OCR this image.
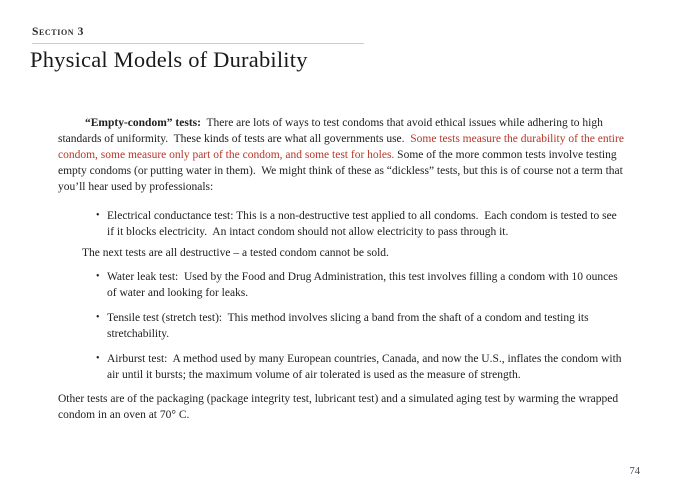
Section 3
Physical Models of Durability

“Empty-condom” tests:  There are lots of ways to test condoms that avoid ethical issues while adhering to high standards of uniformity.  These kinds of tests are what all governments use.  Some tests measure the durability of the entire condom, some measure only part of the condom, and some test for holes. Some of the more common tests involve testing empty condoms (or putting water in them).  We might think of these as “dickless” tests, but this is of course not a term that you’ll hear used by professionals:

• Electrical conductance test: This is a non-destructive test applied to all condoms.  Each condom is tested to see if it blocks electricity.  An intact condom should not allow electricity to pass through it.

The next tests are all destructive – a tested condom cannot be sold.

• Water leak test:  Used by the Food and Drug Administration, this test involves filling a condom with 10 ounces of water and looking for leaks.
• Tensile test (stretch test):  This method involves slicing a band from the shaft of a condom and testing its stretchability.
• Airburst test:  A method used by many European countries, Canada, and now the U.S., inflates the condom with air until it bursts; the maximum volume of air tolerated is used as the measure of strength.

Other tests are of the packaging (package integrity test, lubricant test) and a simulated aging test by warming the wrapped condom in an oven at 70° C.

74
